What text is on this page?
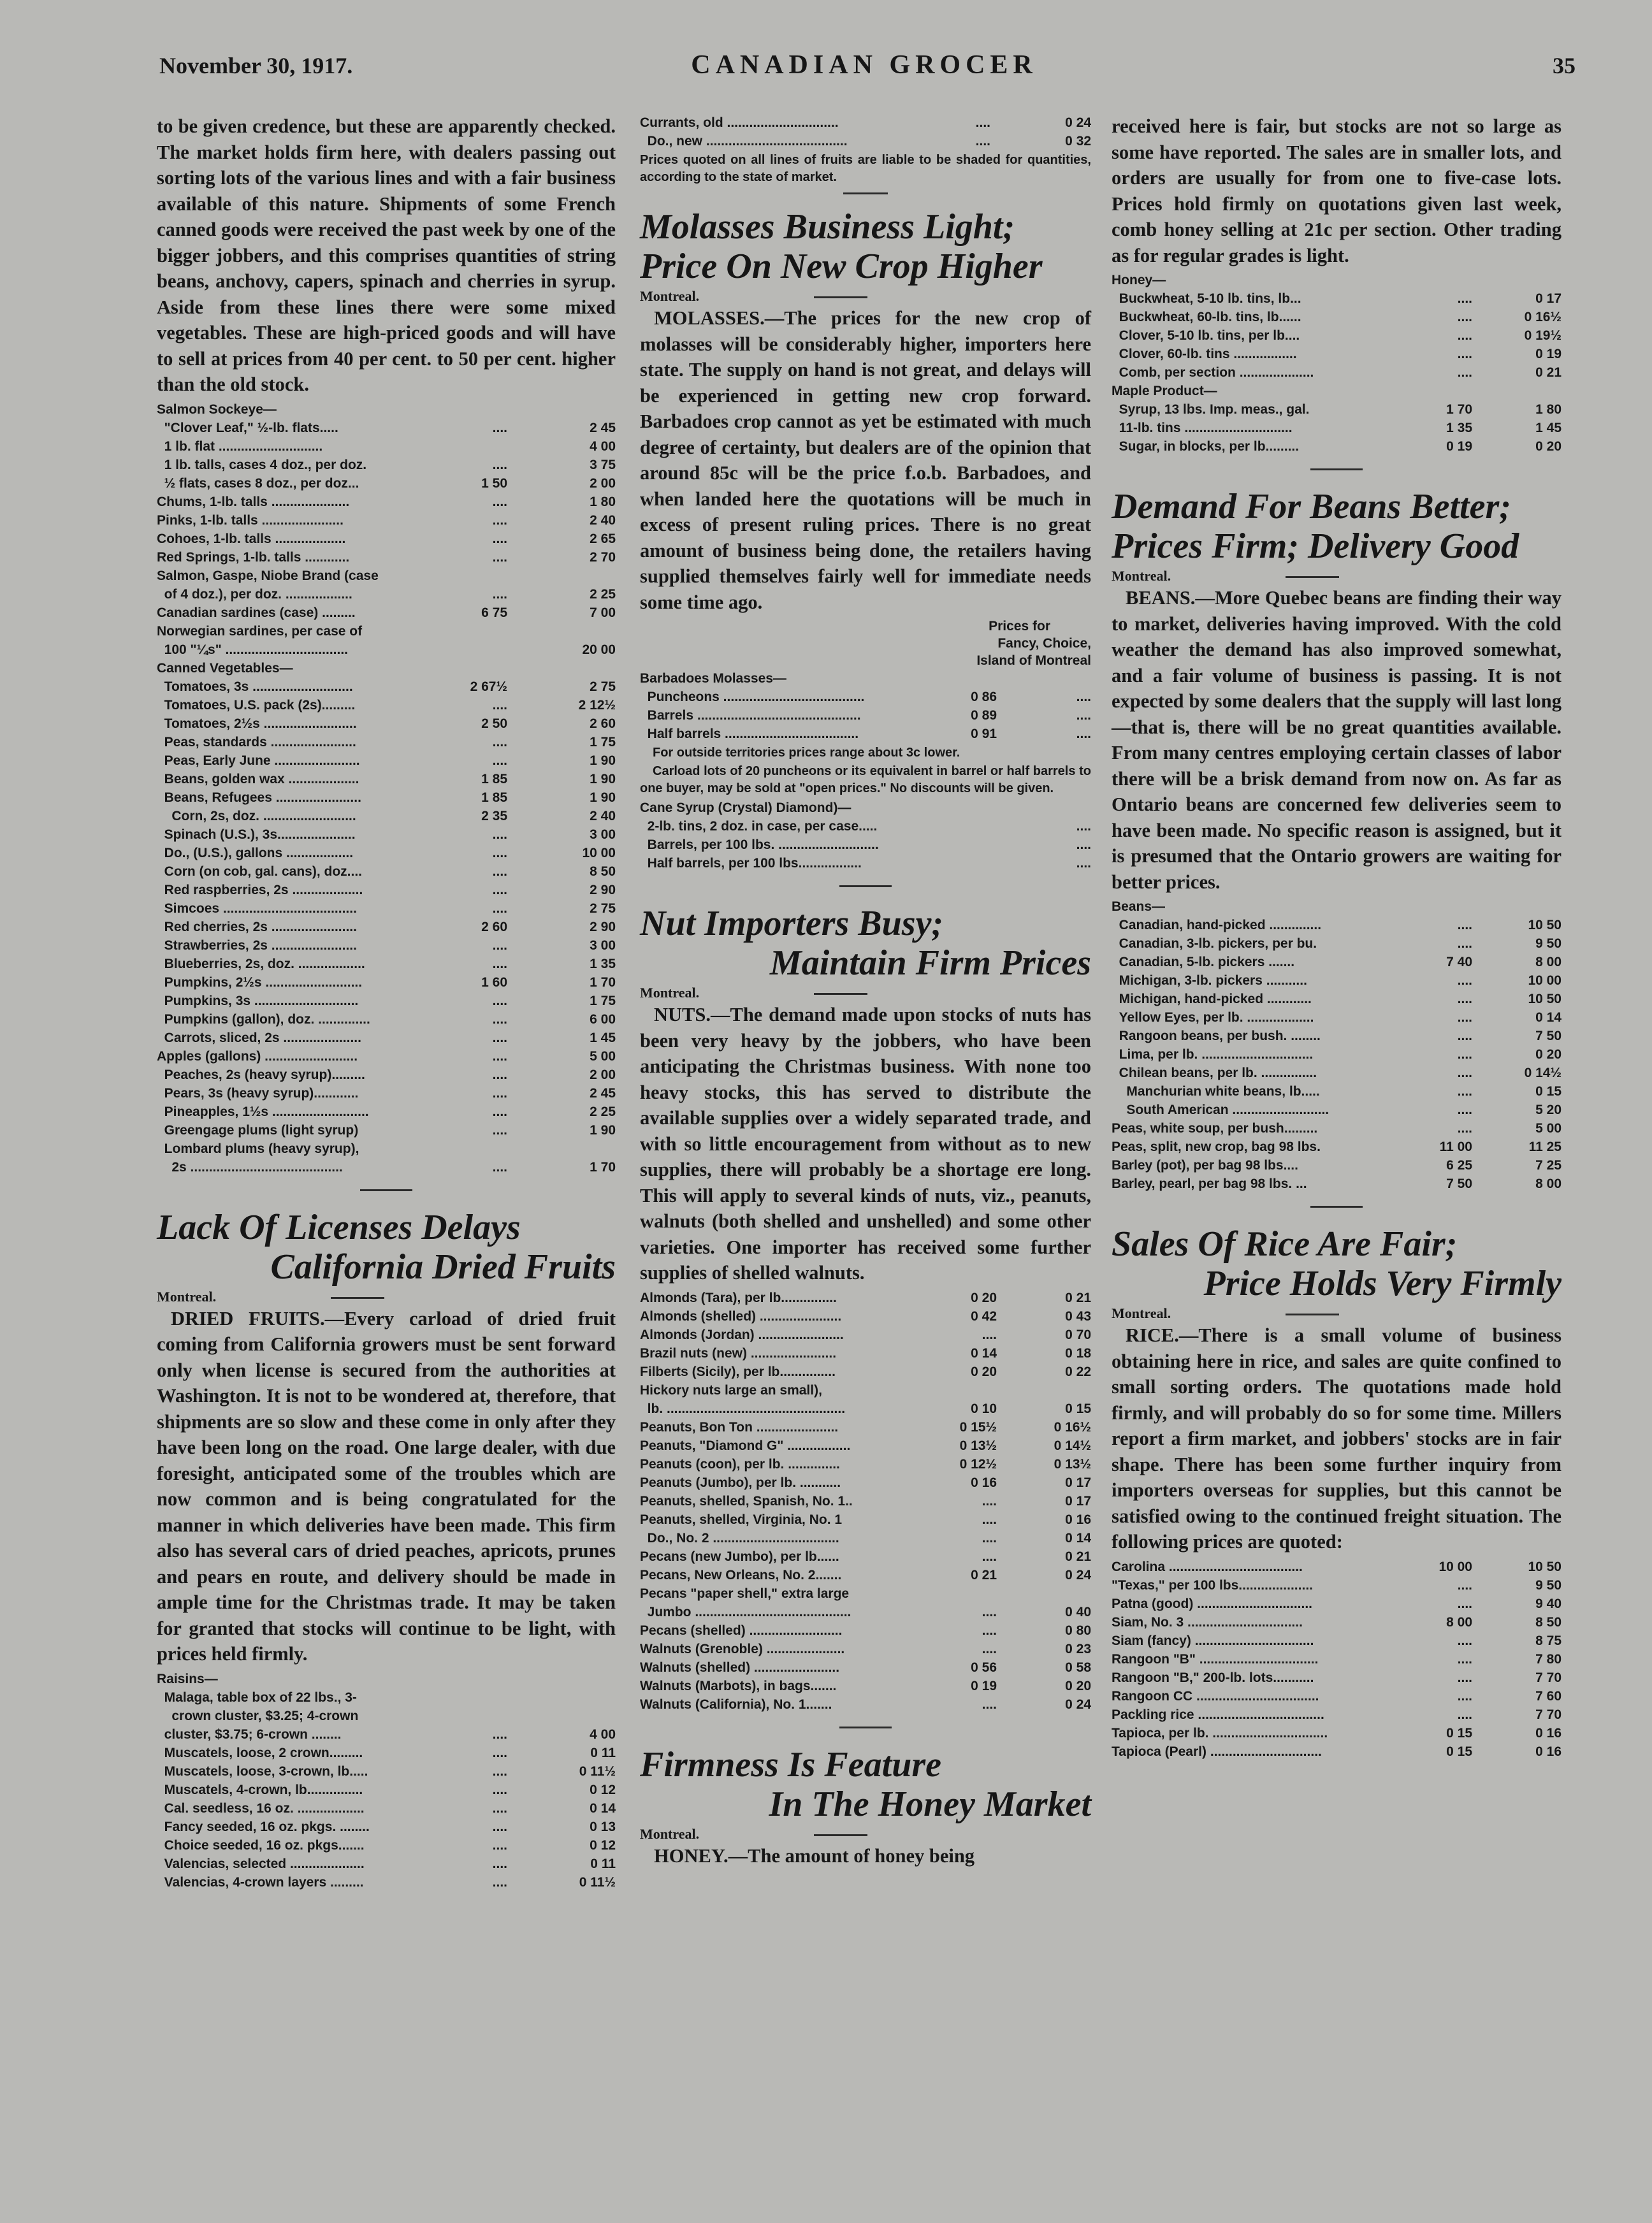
November 30, 1917.	CANADIAN GROCER	35

to be given credence, but these are apparently checked. The market holds firm here, with dealers passing out sorting lots of the various lines and with a fair business available of this nature. Shipments of some French canned goods were received the past week by one of the bigger jobbers, and this comprises quantities of string beans, anchovy, capers, spinach and cherries in syrup. Aside from these lines there were some mixed vegetables. These are high-priced goods and will have to sell at prices from 40 per cent. to 50 per cent. higher than the old stock.

Salmon Sockeye—		
"Clover Leaf," ½-lb. flats.....	....	2 45
1 lb. flat ............................		4 00
1 lb. talls, cases 4 doz., per doz.	....	3 75
½ flats, cases 8 doz., per doz...	1 50	2 00
Chums, 1-lb. talls .....................	....	1 80
Pinks, 1-lb. talls ......................	....	2 40
Cohoes, 1-lb. talls ...................	....	2 65
Red Springs, 1-lb. talls ............	....	2 70
Salmon, Gaspe, Niobe Brand (case		
of 4 doz.), per doz. ..................	....	2 25
Canadian sardines (case) .........	6 75	7 00
Norwegian sardines, per case of		
100 "¼s" .................................		20 00
Canned Vegetables—		
Tomatoes, 3s ...........................	2 67½	2 75
Tomatoes, U.S. pack (2s).........	....	2 12½
Tomatoes, 2½s .........................	2 50	2 60
Peas, standards .......................	....	1 75
Peas, Early June .......................	....	1 90
Beans, golden wax ...................	1 85	1 90
Beans, Refugees .......................	1 85	1 90
Corn, 2s, doz. .........................	2 35	2 40
Spinach (U.S.), 3s.....................	....	3 00
Do., (U.S.), gallons ..................	....	10 00
Corn (on cob, gal. cans), doz....	....	8 50
Red raspberries, 2s ...................	....	2 90
Simcoes ....................................	....	2 75
Red cherries, 2s .......................	2 60	2 90
Strawberries, 2s .......................	....	3 00
Blueberries, 2s, doz. ..................	....	1 35
Pumpkins, 2½s ..........................	1 60	1 70
Pumpkins, 3s ............................	....	1 75
Pumpkins (gallon), doz. ..............	....	6 00
Carrots, sliced, 2s .....................	....	1 45
Apples (gallons) .........................	....	5 00
Peaches, 2s (heavy syrup).........	....	2 00
Pears, 3s (heavy syrup)............	....	2 45
Pineapples, 1½s ..........................	....	2 25
Greengage plums (light syrup)	....	1 90
Lombard plums (heavy syrup),		
2s .........................................	....	1 70
Lack Of Licenses Delays
California Dried Fruits
Montreal.

DRIED FRUITS.—Every carload of dried fruit coming from California growers must be sent forward only when license is secured from the authorities at Washington. It is not to be wondered at, therefore, that shipments are so slow and these come in only after they have been long on the road. One large dealer, with due foresight, anticipated some of the troubles which are now common and is being congratulated for the manner in which deliveries have been made. This firm also has several cars of dried peaches, apricots, prunes and pears en route, and delivery should be made in ample time for the Christmas trade. It may be taken for granted that stocks will continue to be light, with prices held firmly.

Raisins—		
Malaga, table box of 22 lbs., 3-		
crown cluster, $3.25; 4-crown		
cluster, $3.75; 6-crown ........	....	4 00
Muscatels, loose, 2 crown.........	....	0 11
Muscatels, loose, 3-crown, lb.....	....	0 11½
Muscatels, 4-crown, lb...............	....	0 12
Cal. seedless, 16 oz. ..................	....	0 14
Fancy seeded, 16 oz. pkgs. ........	....	0 13
Choice seeded, 16 oz. pkgs.......	....	0 12
Valencias, selected ....................	....	0 11
Valencias, 4-crown layers .........	....	0 11½
Currants, old ..............................	....	0 24
Do., new ......................................	....	0 32

Prices quoted on all lines of fruits are liable to be shaded for quantities, according to the state of market.

Molasses Business Light;
Price On New Crop Higher
Montreal.

MOLASSES.—The prices for the new crop of molasses will be considerably higher, importers here state. The supply on hand is not great, and delays will be experienced in getting new crop forward. Barbadoes crop cannot as yet be estimated with much degree of certainty, but dealers are of the opinion that around 85c will be the price f.o.b. Barbadoes, and when landed here the quotations will be much in excess of present ruling prices. There is no great amount of business being done, the retailers having supplied themselves fairly well for immediate needs some time ago.

Prices for
Fancy, Choice,
Island of Montreal
Barbadoes Molasses—		
Puncheons ......................................	0 86	....
Barrels ............................................	0 89	....
Half barrels ....................................	0 91	....

For outside territories prices range about 3c lower.

Carload lots of 20 puncheons or its equivalent in barrel or half barrels to one buyer, may be sold at "open prices." No discounts will be given.

Cane Syrup (Crystal) Diamond)—		
2-lb. tins, 2 doz. in case, per case.....		....
Barrels, per 100 lbs. ...........................		....
Half barrels, per 100 lbs.................		....
Nut Importers Busy;
Maintain Firm Prices
Montreal.

NUTS.—The demand made upon stocks of nuts has been very heavy by the jobbers, who have been anticipating the Christmas business. With none too heavy stocks, this has served to distribute the available supplies over a widely separated trade, and with so little encouragement from without as to new supplies, there will probably be a shortage ere long. This will apply to several kinds of nuts, viz., peanuts, walnuts (both shelled and unshelled) and some other varieties. One importer has received some further supplies of shelled walnuts.

Almonds (Tara), per lb...............	0 20	0 21
Almonds (shelled) ......................	0 42	0 43
Almonds (Jordan) .......................	....	0 70
Brazil nuts (new) .......................	0 14	0 18
Filberts (Sicily), per lb...............	0 20	0 22
Hickory nuts large an small),		
lb. ................................................	0 10	0 15
Peanuts, Bon Ton ......................	0 15½	0 16½
Peanuts, "Diamond G" .................	0 13½	0 14½
Peanuts (coon), per lb. ..............	0 12½	0 13½
Peanuts (Jumbo), per lb. ...........	0 16	0 17
Peanuts, shelled, Spanish, No. 1..	....	0 17
Peanuts, shelled, Virginia, No. 1	....	0 16
Do., No. 2 ..................................	....	0 14
Pecans (new Jumbo), per lb......	....	0 21
Pecans, New Orleans, No. 2.......	0 21	0 24
Pecans "paper shell," extra large		
Jumbo ..........................................	....	0 40
Pecans (shelled) .........................	....	0 80
Walnuts (Grenoble) .....................	....	0 23
Walnuts (shelled) .......................	0 56	0 58
Walnuts (Marbots), in bags.......	0 19	0 20
Walnuts (California), No. 1.......	....	0 24
Firmness Is Feature
In The Honey Market
Montreal.

HONEY.—The amount of honey being

received here is fair, but stocks are not so large as some have reported. The sales are in smaller lots, and orders are usually for from one to five-case lots. Prices hold firmly on quotations given last week, comb honey selling at 21c per section. Other trading as for regular grades is light.

Honey—		
Buckwheat, 5-10 lb. tins, lb...	....	0 17
Buckwheat, 60-lb. tins, lb......	....	0 16½
Clover, 5-10 lb. tins, per lb....	....	0 19½
Clover, 60-lb. tins .................	....	0 19
Comb, per section ....................	....	0 21
Maple Product—		
Syrup, 13 lbs. Imp. meas., gal.	1 70	1 80
11-lb. tins .............................	1 35	1 45
Sugar, in blocks, per lb.........	0 19	0 20
Demand For Beans Better;
Prices Firm; Delivery Good
Montreal.

BEANS.—More Quebec beans are finding their way to market, deliveries having improved. With the cold weather the demand has also improved somewhat, and a fair volume of business is passing. It is not expected by some dealers that the supply will last long—that is, there will be no great quantities available. From many centres employing certain classes of labor there will be a brisk demand from now on. As far as Ontario beans are concerned few deliveries seem to have been made. No specific reason is assigned, but it is presumed that the Ontario growers are waiting for better prices.

Beans—		
Canadian, hand-picked ..............	....	10 50
Canadian, 3-lb. pickers, per bu.	....	9 50
Canadian, 5-lb. pickers .......	7 40	8 00
Michigan, 3-lb. pickers ...........	....	10 00
Michigan, hand-picked ............	....	10 50
Yellow Eyes, per lb. ..................	....	0 14
Rangoon beans, per bush. ........	....	7 50
Lima, per lb. ..............................	....	0 20
Chilean beans, per lb. ...............	....	0 14½
Manchurian white beans, lb.....	....	0 15
South American ..........................	....	5 20
Peas, white soup, per bush.........	....	5 00
Peas, split, new crop, bag 98 lbs.	11 00	11 25
Barley (pot), per bag 98 lbs....	6 25	7 25
Barley, pearl, per bag 98 lbs. ...	7 50	8 00
Sales Of Rice Are Fair;
Price Holds Very Firmly
Montreal.

RICE.—There is a small volume of business obtaining here in rice, and sales are quite confined to small sorting orders. The quotations made hold firmly, and will probably do so for some time. Millers report a firm market, and jobbers' stocks are in fair shape. There has been some further inquiry from importers overseas for supplies, but this cannot be satisfied owing to the continued freight situation. The following prices are quoted:

Carolina ....................................	10 00	10 50
"Texas," per 100 lbs....................	....	9 50
Patna (good) ...............................	....	9 40
Siam, No. 3 ...............................	8 00	8 50
Siam (fancy) ................................	....	8 75
Rangoon "B" ................................	....	7 80
Rangoon "B," 200-lb. lots...........	....	7 70
Rangoon CC .................................	....	7 60
Packling rice ..................................	....	7 70
Tapioca, per lb. ...............................	0 15	0 16
Tapioca (Pearl) ..............................	0 15	0 16
